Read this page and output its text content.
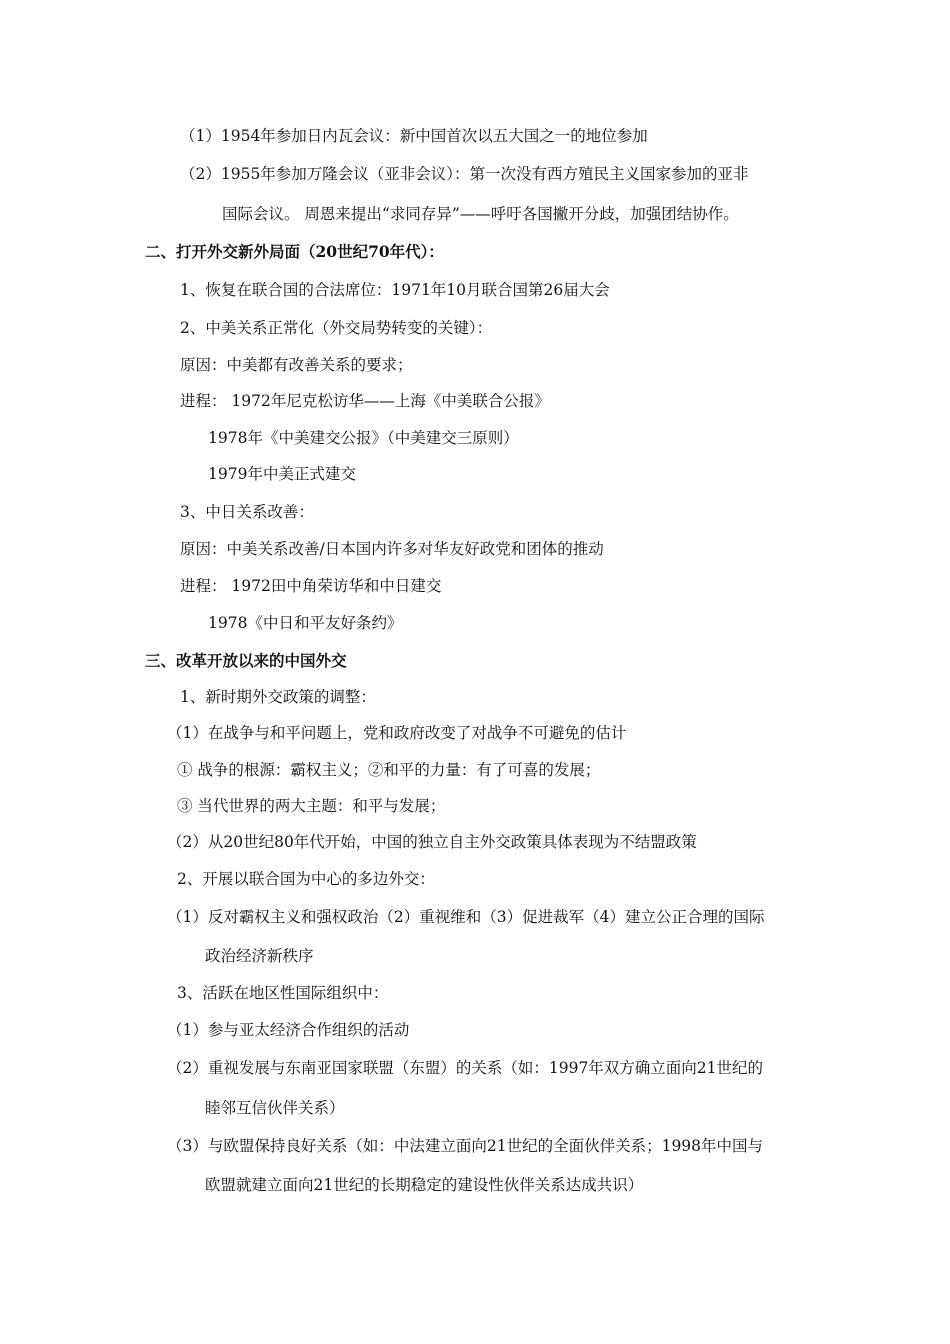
（1）1954年参加日内瓦会议：新中国首次以五大国之一的地位参加
（2）1955年参加万隆会议（亚非会议）：第一次没有西方殖民主义国家参加的亚非
国际会议。 周恩来提出“求同存异”——呼吁各国撇开分歧，加强团结协作。
二、打开外交新外局面（20世纪70年代）：
1、恢复在联合国的合法席位：1971年10月联合国第26届大会
2、中美关系正常化（外交局势转变的关键）：
原因：中美都有改善关系的要求；
进程： 1972年尼克松访华——上海《中美联合公报》
1978年《中美建交公报》（中美建交三原则）
1979年中美正式建交
3、中日关系改善：
原因：中美关系改善/日本国内许多对华友好政党和团体的推动
进程： 1972田中角荣访华和中日建交
1978《中日和平友好条约》
三、改革开放以来的中国外交
1、新时期外交政策的调整：
（1）在战争与和平问题上，党和政府改变了对战争不可避免的估计
① 战争的根源：霸权主义；②和平的力量：有了可喜的发展；
③ 当代世界的两大主题：和平与发展；
（2）从20世纪80年代开始，中国的独立自主外交政策具体表现为不结盟政策
2、开展以联合国为中心的多边外交：
（1）反对霸权主义和强权政治（2）重视维和（3）促进裁军（4）建立公正合理的国际
政治经济新秩序
3、活跃在地区性国际组织中：
（1）参与亚太经济合作组织的活动
（2）重视发展与东南亚国家联盟（东盟）的关系（如：1997年双方确立面向21世纪的
睦邻互信伙伴关系）
（3）与欧盟保持良好关系（如：中法建立面向21世纪的全面伙伴关系；1998年中国与
欧盟就建立面向21世纪的长期稳定的建设性伙伴关系达成共识）
